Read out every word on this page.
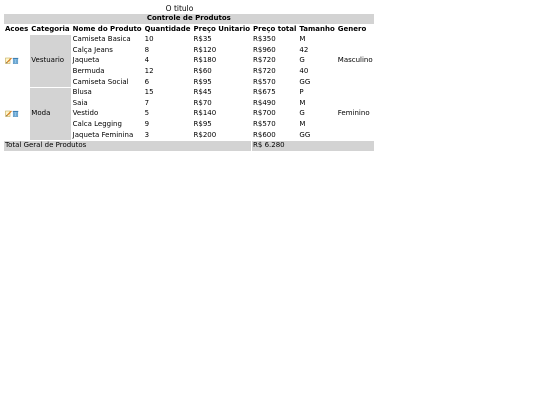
O titulo
Controle de Produtos							
Acoes	Categoria	Nome do Produto	Quantidade	Preço Unitario	Preço total	Tamanho	Genero
	Vestuario	Camiseta Basica	10	R$35	R$350	M	Masculino
		Calça Jeans	8	R$120	R$960	42	
		Jaqueta	4	R$180	R$720	G	
		Bermuda	12	R$60	R$720	40	
		Camiseta Social	6	R$95	R$570	GG	
	Moda	Blusa	15	R$45	R$675	P	Feminino
		Saia	7	R$70	R$490	M	
		Vestido	5	R$140	R$700	G	
		Calca Legging	9	R$95	R$570	M	
		Jaqueta Feminina	3	R$200	R$600	GG	
Total Geral de Produtos					R$ 6.280		
